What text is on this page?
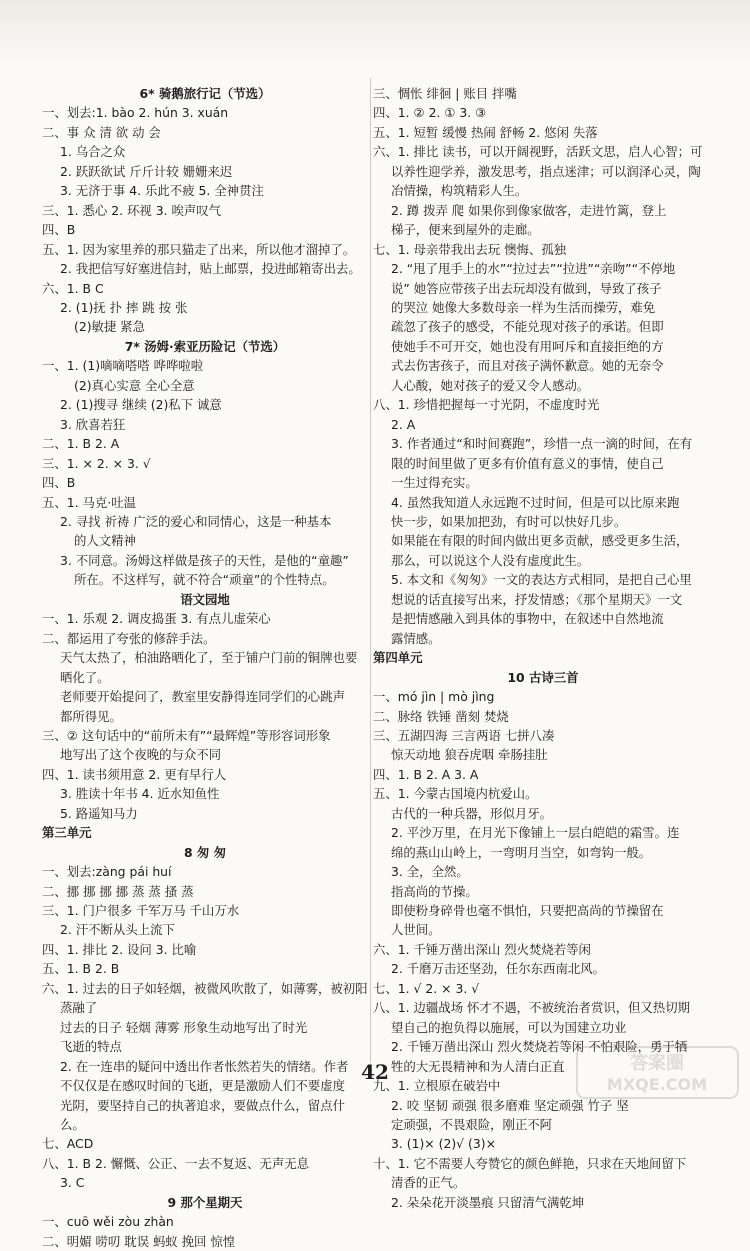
6* 骑鹅旅行记（节选）
一、划去:1. bào 2. hún 3. xuán
二、事 众 清 欲 动 会
1. 乌合之众
2. 跃跃欲试 斤斤计较 姗姗来迟
3. 无济于事 4. 乐此不疲 5. 全神贯注
三、1. 悉心 2. 环视 3. 唉声叹气
四、B
五、1. 因为家里养的那只猫走了出来，所以他才溜掉了。
2. 我把信写好塞进信封，贴上邮票，投进邮箱寄出去。
六、1. B C
2. (1)抚 扑 摔 跳 按 张
(2)敏捷 紧急
7* 汤姆·索亚历险记（节选）
一、1. (1)嘀嘀嗒嗒 哗哗啦啦
(2)真心实意 全心全意
2. (1)搜寻 继续 (2)私下 诚意
3. 欣喜若狂
二、1. B 2. A
三、1. × 2. × 3. √
四、B
五、1. 马克·吐温
2. 寻找 祈祷 广泛的爱心和同情心，这是一种基本
的人文精神
3. 不同意。汤姆这样做是孩子的天性，是他的“童趣”
所在。不这样写，就不符合“顽童”的个性特点。
语文园地
一、1. 乐观 2. 调皮捣蛋 3. 有点儿虚荣心
二、都运用了夸张的修辞手法。
天气太热了，柏油路晒化了，至于铺户门前的铜牌也要
晒化了。
老师要开始提问了，教室里安静得连同学们的心跳声
都所得见。
三、② 这句话中的“前所未有”“最辉煌”等形容词形象
地写出了这个夜晚的与众不同
四、1. 读书须用意 2. 更有早行人
3. 胜读十年书 4. 近水知鱼性
5. 路遥知马力
第三单元
8 匆 匆
一、划去:zàng pái huí
二、挪 挪 挪 挪 蒸 蒸 搔 蒸
三、1. 门户很多 千军万马 千山万水
2. 汗不断从头上流下
四、1. 排比 2. 设问 3. 比喻
五、1. B 2. B
六、1. 过去的日子如轻烟，被微风吹散了，如薄雾，被初阳
蒸融了
过去的日子 轻烟 薄雾 形象生动地写出了时光
飞逝的特点
2. 在一连串的疑问中透出作者怅然若失的情绪。作者
不仅仅是在感叹时间的飞逝，更是激励人们不要虚度
光阴，要坚持自己的执著追求，要做点什么，留点什
么。
七、ACD
八、1. B 2. 懈慨、公正、一去不复返、无声无息
3. C
9 那个星期天
一、cuō wěi zòu zhàn
二、明媚 唠叨 耽误 蚂蚁 挽回 惊惶
三、惆怅 绯徊 | 账目 拌嘴
四、1. ② 2. ① 3. ③
五、1. 短暂 缓慢 热闹 舒畅 2. 悠闲 失落
六、1. 排比 读书，可以开阔视野，活跃文思，启人心智；可
以养性迎学养，激发思考，指点迷津；可以润泽心灵，陶
冶情操，构筑精彩人生。
2. 蹲 拨弄 爬 如果你到像家做客，走进竹篱，登上
梯子，便来到屋外的走廊。
七、1. 母亲带我出去玩 懊悔、孤独
2. “甩了甩手上的水”“拉过去”“拉进”“亲吻”“不停地
说” 她答应带孩子出去玩却没有做到，导致了孩子
的哭泣 她像大多数母亲一样为生活而操劳，难免
疏忽了孩子的感受，不能兑现对孩子的承诺。但即
使她手不可开交，她也没有用呵斥和直接拒绝的方
式去伤害孩子，而且对孩子满怀歉意。她的无奈令
人心酸，她对孩子的爱又令人感动。
八、1. 珍惜把握每一寸光阴，不虚度时光
2. A
3. 作者通过“和时间赛跑”，珍惜一点一滴的时间，在有
限的时间里做了更多有价值有意义的事情，使自己
一生过得充实。
4. 虽然我知道人永远跑不过时间，但是可以比原来跑
快一步，如果加把劲，有时可以快好几步。
如果能在有限的时间内做出更多贡献，感受更多生活，
那么，可以说这个人没有虚度此生。
5. 本文和《匆匆》一文的表达方式相同，是把自己心里
想说的话直接写出来，抒发情感；《那个星期天》一文
是把情感融入到具体的事物中，在叙述中自然地流
露情感。
第四单元
10 古诗三首
一、mó jìn | mò jìng
二、脉络 铁锤 凿刻 焚烧
三、五湖四海 三言两语 七拼八凑
惊天动地 狼吞虎咽 牵肠挂肚
四、1. B 2. A 3. A
五、1. 今蒙古国境内杭爱山。
古代的一种兵器，形似月牙。
2. 平沙万里，在月光下像铺上一层白皑皑的霜雪。连
绵的燕山山岭上，一弯明月当空，如弯钩一般。
3. 全，全然。
指高尚的节操。
即使粉身碎骨也毫不惧怕，只要把高尚的节操留在
人世间。
六、1. 千锤万凿出深山 烈火焚烧若等闲
2. 千磨万击还坚劲，任尔东西南北风。
七、1. √ 2. × 3. √
八、1. 边疆战场 怀才不遇，不被统治者赏识，但又热切期
望自己的抱负得以施展，可以为国建立功业
2. 千锤万凿出深山 烈火焚烧若等闲 不怕艰险，勇于牺
牲的大无畏精神和为人清白正直
九、1. 立根原在破岩中
2. 咬 坚韧 顽强 很多磨难 坚定顽强 竹子 坚
定顽强，不畏艰险，刚正不阿
3. (1)× (2)√ (3)×
十、1. 它不需要人夸赞它的颜色鲜艳，只求在天地间留下
清香的正气。
2. 朵朵花开淡墨痕 只留清气满乾坤
42	答案圈
MXQE.COM
